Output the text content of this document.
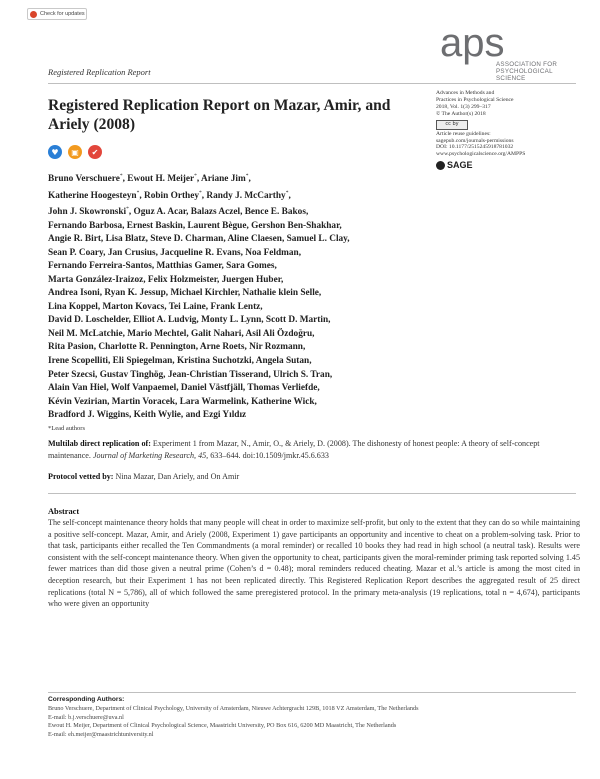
Check for updates
aps
ASSOCIATION FOR
PSYCHOLOGICAL SCIENCE
Registered Replication Report
Registered Replication Report on Mazar, Amir, and Ariely (2008)
♥	▣	✔
Advances in Methods and
Practices in Psychological Science
2018, Vol. 1(3) 299–317
© The Author(s) 2018
cc by
Article reuse guidelines:
sagepub.com/journals-permissions
DOI: 10.1177/2515245918781032
www.psychologicalscience.org/AMPPS
SAGE
Bruno Verschuere*, Ewout H. Meijer*, Ariane Jim*,
Katherine Hoogesteyn*, Robin Orthey*, Randy J. McCarthy*,
John J. Skowronski*, Oguz A. Acar, Balazs Aczel, Bence E. Bakos,
Fernando Barbosa, Ernest Baskin, Laurent Bègue, Gershon Ben-Shakhar,
Angie R. Birt, Lisa Blatz, Steve D. Charman, Aline Claesen, Samuel L. Clay,
Sean P. Coary, Jan Crusius, Jacqueline R. Evans, Noa Feldman,
Fernando Ferreira-Santos, Matthias Gamer, Sara Gomes,
Marta González-Iraizoz, Felix Holzmeister, Juergen Huber,
Andrea Isoni, Ryan K. Jessup, Michael Kirchler, Nathalie klein Selle,
Lina Koppel, Marton Kovacs, Tei Laine, Frank Lentz,
David D. Loschelder, Elliot A. Ludvig, Monty L. Lynn, Scott D. Martin,
Neil M. McLatchie, Mario Mechtel, Galit Nahari, Asil Ali Özdoğru,
Rita Pasion, Charlotte R. Pennington, Arne Roets, Nir Rozmann,
Irene Scopelliti, Eli Spiegelman, Kristina Suchotzki, Angela Sutan,
Peter Szecsi, Gustav Tinghög, Jean-Christian Tisserand, Ulrich S. Tran,
Alain Van Hiel, Wolf Vanpaemel, Daniel Västfjäll, Thomas Verliefde,
Kévin Vezirian, Martin Voracek, Lara Warmelink, Katherine Wick,
Bradford J. Wiggins, Keith Wylie, and Ezgi Yıldız
*Lead authors
Multilab direct replication of: Experiment 1 from Mazar, N., Amir, O., & Ariely, D. (2008). The dishonesty of honest people: A theory of self-concept maintenance. Journal of Marketing Research, 45, 633–644. doi:10.1509/jmkr.45.6.633
Protocol vetted by: Nina Mazar, Dan Ariely, and On Amir
Abstract
The self-concept maintenance theory holds that many people will cheat in order to maximize self-profit, but only to the extent that they can do so while maintaining a positive self-concept. Mazar, Amir, and Ariely (2008, Experiment 1) gave participants an opportunity and incentive to cheat on a problem-solving task. Prior to that task, participants either recalled the Ten Commandments (a moral reminder) or recalled 10 books they had read in high school (a neutral task). Results were consistent with the self-concept maintenance theory. When given the opportunity to cheat, participants given the moral-reminder priming task reported solving 1.45 fewer matrices than did those given a neutral prime (Cohen’s d = 0.48); moral reminders reduced cheating. Mazar et al.’s article is among the most cited in deception research, but their Experiment 1 has not been replicated directly. This Registered Replication Report describes the aggregated result of 25 direct replications (total N = 5,786), all of which followed the same preregistered protocol. In the primary meta-analysis (19 replications, total n = 4,674), participants who were given an opportunity
Corresponding Authors:
Bruno Verschuere, Department of Clinical Psychology, University of Amsterdam, Nieuwe Achtergracht 129B, 1018 VZ Amsterdam, The Netherlands
E-mail: b.j.verschuere@uva.nl
Ewout H. Meijer, Department of Clinical Psychological Science, Maastricht University, PO Box 616, 6200 MD Maastricht, The Netherlands
E-mail: eh.meijer@maastrichtuniversity.nl
